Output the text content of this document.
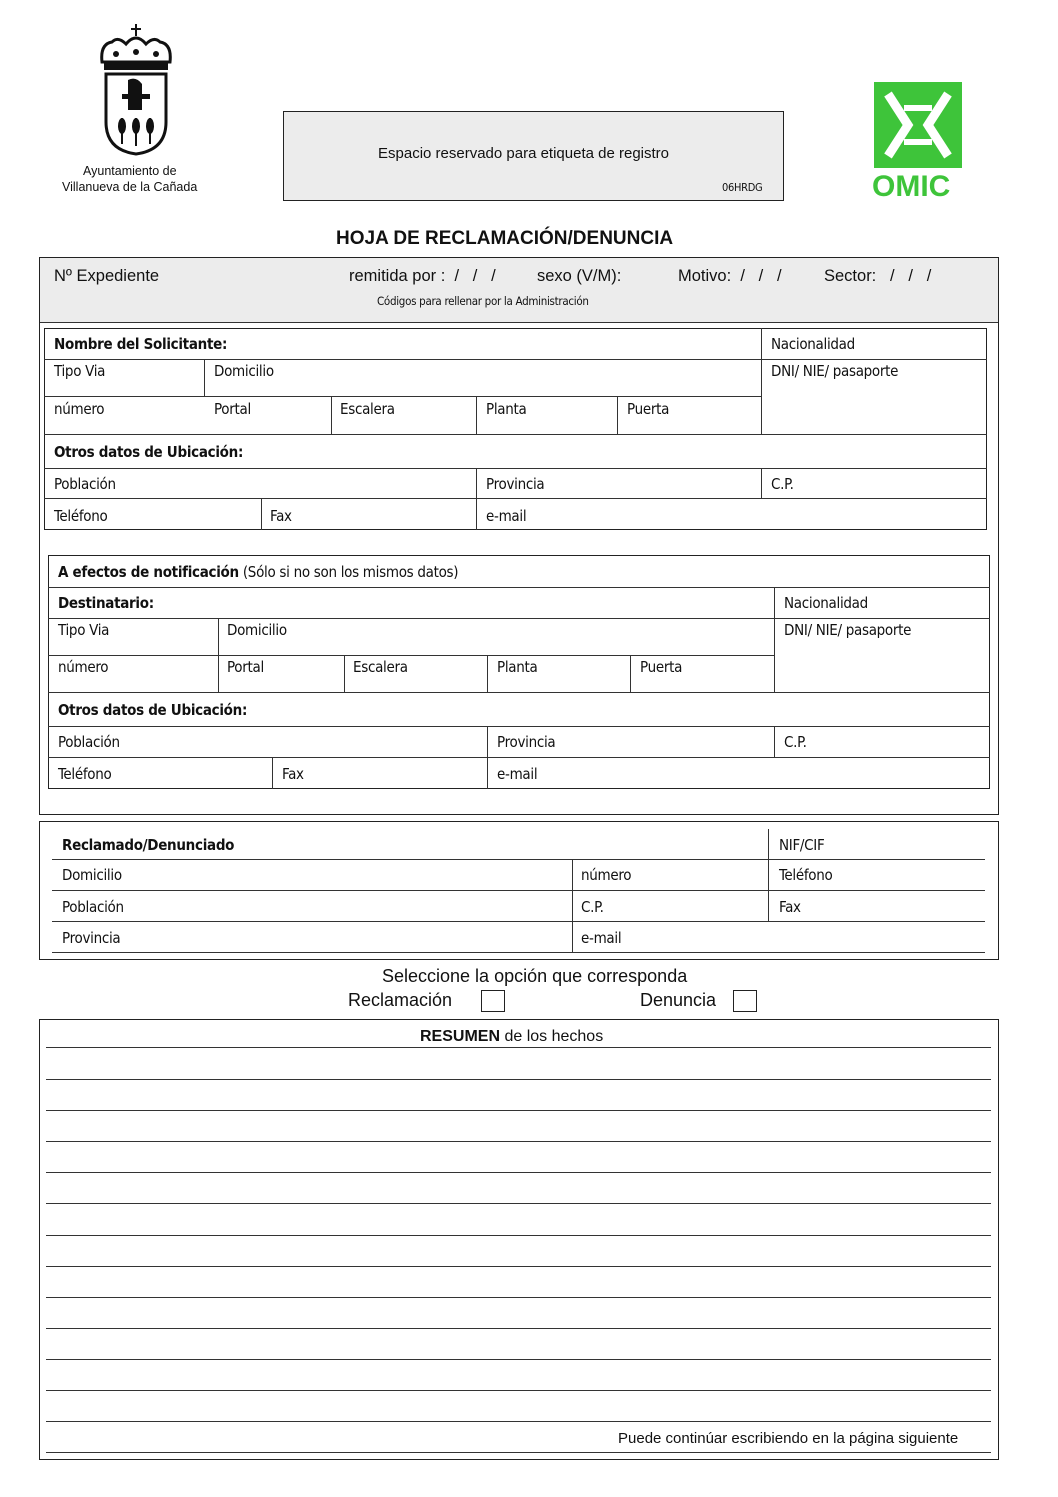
Ayuntamiento de
Villanueva de la Cañada
Espacio reservado para etiqueta de registro
06HRDG	OMIC
HOJA DE RECLAMACIÓN/DENUNCIA
Nº Expediente	remitida por :  /   /   /	sexo (V/M):	Motivo:  /   /   /	Sector:   /   /   /
Códigos para rellenar por la Administración
Nombre del Solicitante:	Nacionalidad
Tipo Via	Domicilio	DNI/ NIE/ pasaporte
número	Portal	Escalera	Planta	Puerta
Otros datos de Ubicación:
Población	Provincia	C.P.
Teléfono	Fax	e-mail
A efectos de notificación (Sólo si no son los mismos datos)
Destinatario:	Nacionalidad
Tipo Via	Domicilio	DNI/ NIE/ pasaporte
número	Portal	Escalera	Planta	Puerta
Otros datos de Ubicación:
Población	Provincia	C.P.
Teléfono	Fax	e-mail
Reclamado/Denunciado	NIF/CIF
Domicilio	número	Teléfono
Población	C.P.	Fax
Provincia	e-mail
Seleccione la opción que corresponda
Reclamación	Denuncia
RESUMEN de los hechos
Puede continúar escribiendo en la página siguiente
